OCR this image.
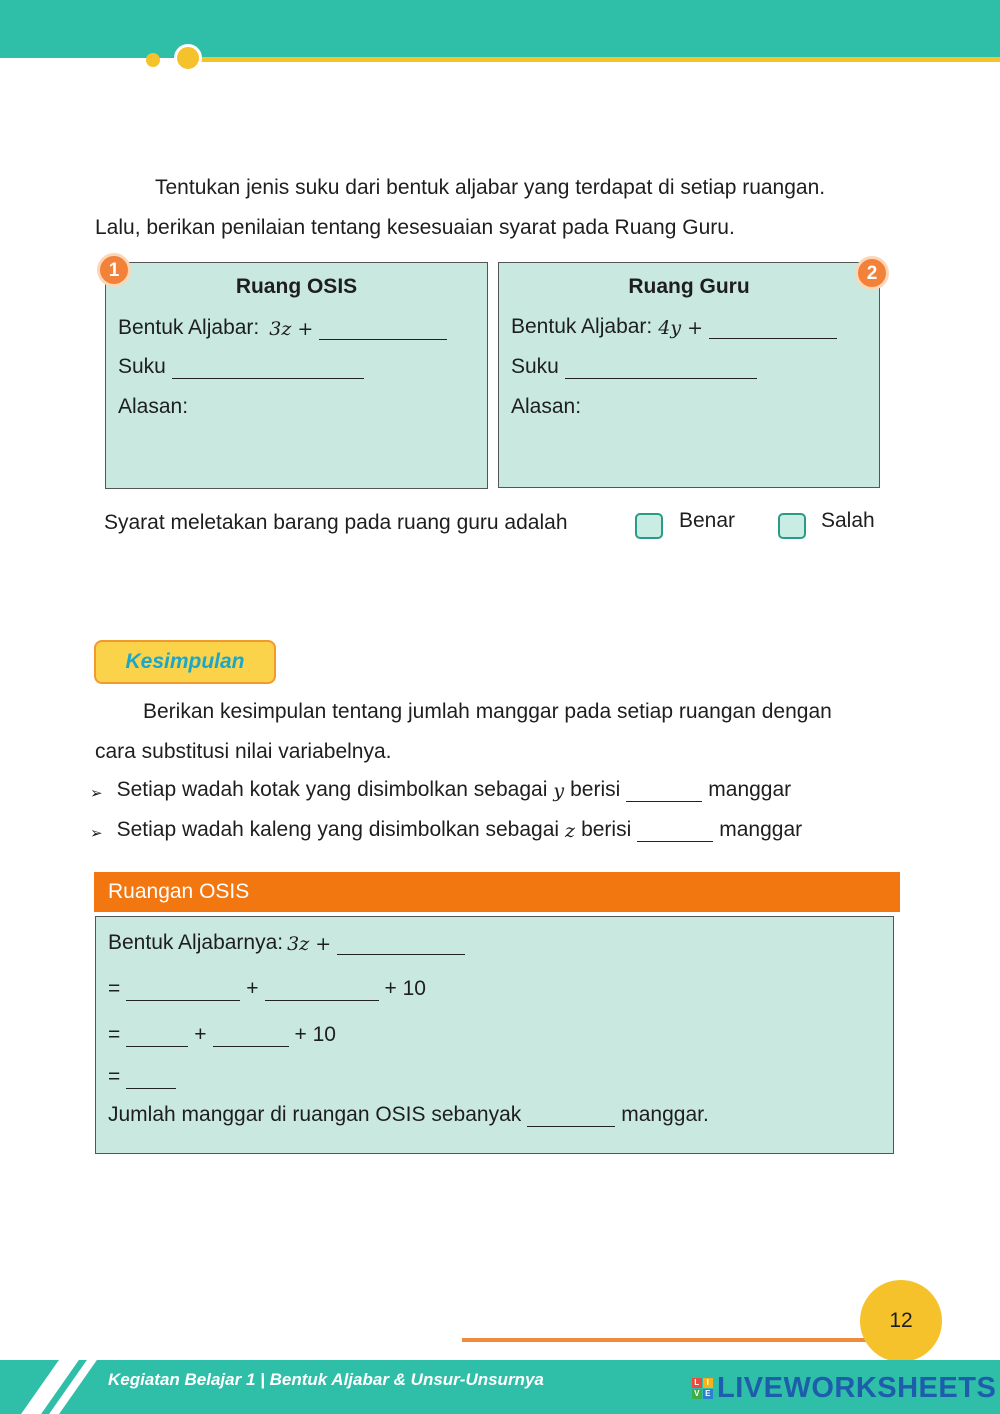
Tentukan jenis suku dari bentuk aljabar yang terdapat di setiap ruangan.
Lalu, berikan penilaian tentang kesesuaian syarat pada Ruang Guru.
Ruang OSIS
Bentuk Aljabar: 3z +
Suku
Alasan:
1
Ruang Guru
Bentuk Aljabar: 4y +
Suku
Alasan:
2
Syarat meletakan barang pada ruang guru adalah	Benar	Salah
Kesimpulan
Berikan kesimpulan tentang jumlah manggar pada setiap ruangan dengan
cara substitusi nilai variabelnya.
➢ Setiap wadah kotak yang disimbolkan sebagai y berisi	manggar
➢ Setiap wadah kaleng yang disimbolkan sebagai z berisi	manggar
Ruangan OSIS
Bentuk Aljabarnya: 3z +
=	+	+ 10
=	+	+ 10
=
Jumlah manggar di ruangan OSIS sebanyak	manggar.
12
Kegiatan Belajar 1 | Bentuk Aljabar & Unsur-Unsurnya	L I
V E LIVEWORKSHEETS
